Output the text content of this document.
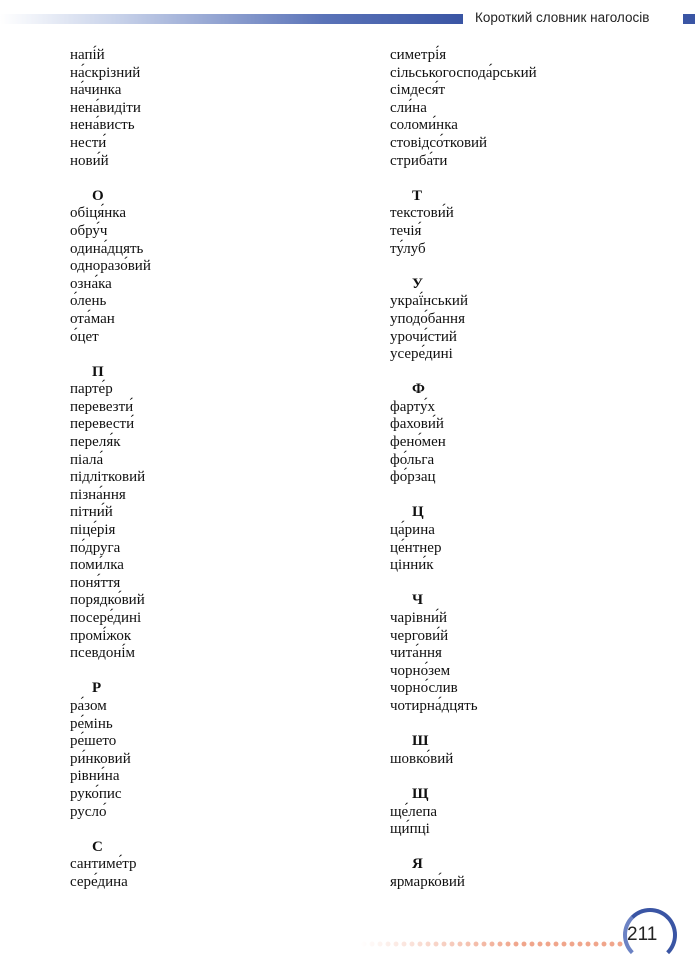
Короткий словник наголосів
напі́й
на́скрізний
на́чинка
нена́видіти
нена́висть
нести́
нови́й
О
обіця́нка
обру́ч
одина́дцять
одноразо́вий
озна́ка
о́лень
ота́ман
о́цет
П
парте́р
перевезти́
перевести́
переля́к
піала́
підлітковий
пізна́ння
пітни́й
піце́рія
по́друга
поми́лка
поня́ття
порядко́вий
посере́дині
промі́жок
псевдоні́м
Р
ра́зом
ре́мінь
ре́шето
ри́нковий
рівни́на
руко́пис
русло́
С
сантиме́тр
сере́дина
симетрі́я
сільськогоспода́рський
сімдеся́т
сли́на
соломи́нка
стовідсо́тковий
стриба́ти
Т
текстови́й
течія́
ту́луб
У
украї́нський
уподо́бання
урочи́стий
усере́дині
Ф
фарту́х
фахови́й
фено́мен
фо́льга
фо́рзац
Ц
ца́рина
це́нтнер
цінни́к
Ч
чарівни́й
чергови́й
чита́ння
чорно́зем
чорно́слив
чотирна́дцять
Ш
шовко́вий
Щ
ще́лепа
щи́пці
Я
ярмарко́вий
211
